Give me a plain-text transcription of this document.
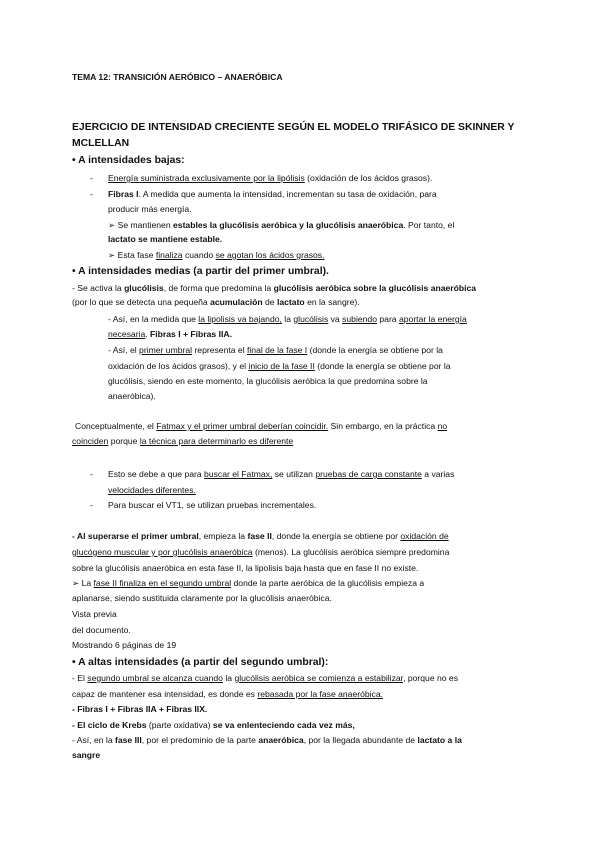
TEMA 12: TRANSICIÓN AERÓBICO – ANAERÓBICA
EJERCICIO DE INTENSIDAD CRECIENTE SEGÚN EL MODELO TRIFÁSICO DE SKINNER Y
MCLELLAN
• A intensidades bajas:
- Energía suministrada exclusivamente por la lipólisis (oxidación de los ácidos grasos).
- Fibras I. A medida que aumenta la intensidad, incrementan su tasa de oxidación, para
producir más energía.
➢ Se mantienen estables la glucólisis aeróbica y la glucólisis anaeróbica. Por tanto, el
lactato se mantiene estable.
➢ Esta fase finaliza cuando se agotan los ácidos grasos.
• A intensidades medias (a partir del primer umbral).
- Se activa la glucólisis, de forma que predomina la glucólisis aeróbica sobre la glucólisis anaeróbica
(por lo que se detecta una pequeña acumulación de lactato en la sangre).
- Así, en la medida que la lipolisis va bajando, la glucólisis va subiendo para aportar la energía
necesaria. Fibras I + Fibras IIA.
- Así, el primer umbral representa el final de la fase I (donde la energía se obtiene por la
oxidación de los ácidos grasos), y el inicio de la fase II (donde la energía se obtiene por la
glucólisis, siendo en este momento, la glucólisis aeróbica la que predomina sobre la
anaeróbica).
Conceptualmente, el Fatmax y el primer umbral deberían coincidir. Sin embargo, en la práctica no
coinciden porque la técnica para determinarlo es diferente
- Esto se debe a que para buscar el Fatmax, se utilizan pruebas de carga constante a varias
velocidades diferentes.
- Para buscar el VT1, se utilizan pruebas incrementales.
- Al superarse el primer umbral, empieza la fase II, donde la energía se obtiene por oxidación de
glucógeno muscular y por glucólisis anaeróbica (menos). La glucólisis aeróbica siempre predomina
sobre la glucólisis anaeróbica en esta fase II, la lipolisis baja hasta que en fase II no existe.
➢ La fase II finaliza en el segundo umbral donde la parte aeróbica de la glucólisis empieza a
aplanarse, siendo sustituida claramente por la glucólisis anaeróbica.
Vista previa
del documento.
Mostrando 6 páginas de 19
• A altas intensidades (a partir del segundo umbral):
- El segundo umbral se alcanza cuando la glucólisis aeróbica se comienza a estabilizar, porque no es
capaz de mantener esa intensidad, es donde es rebasada por la fase anaeróbica.
- Fibras I + Fibras IIA + Fibras IIX.
- El ciclo de Krebs (parte oxidativa) se va enlenteciendo cada vez más,
- Así, en la fase III, por el predominio de la parte anaeróbica, por la llegada abundante de lactato a la
sangre
